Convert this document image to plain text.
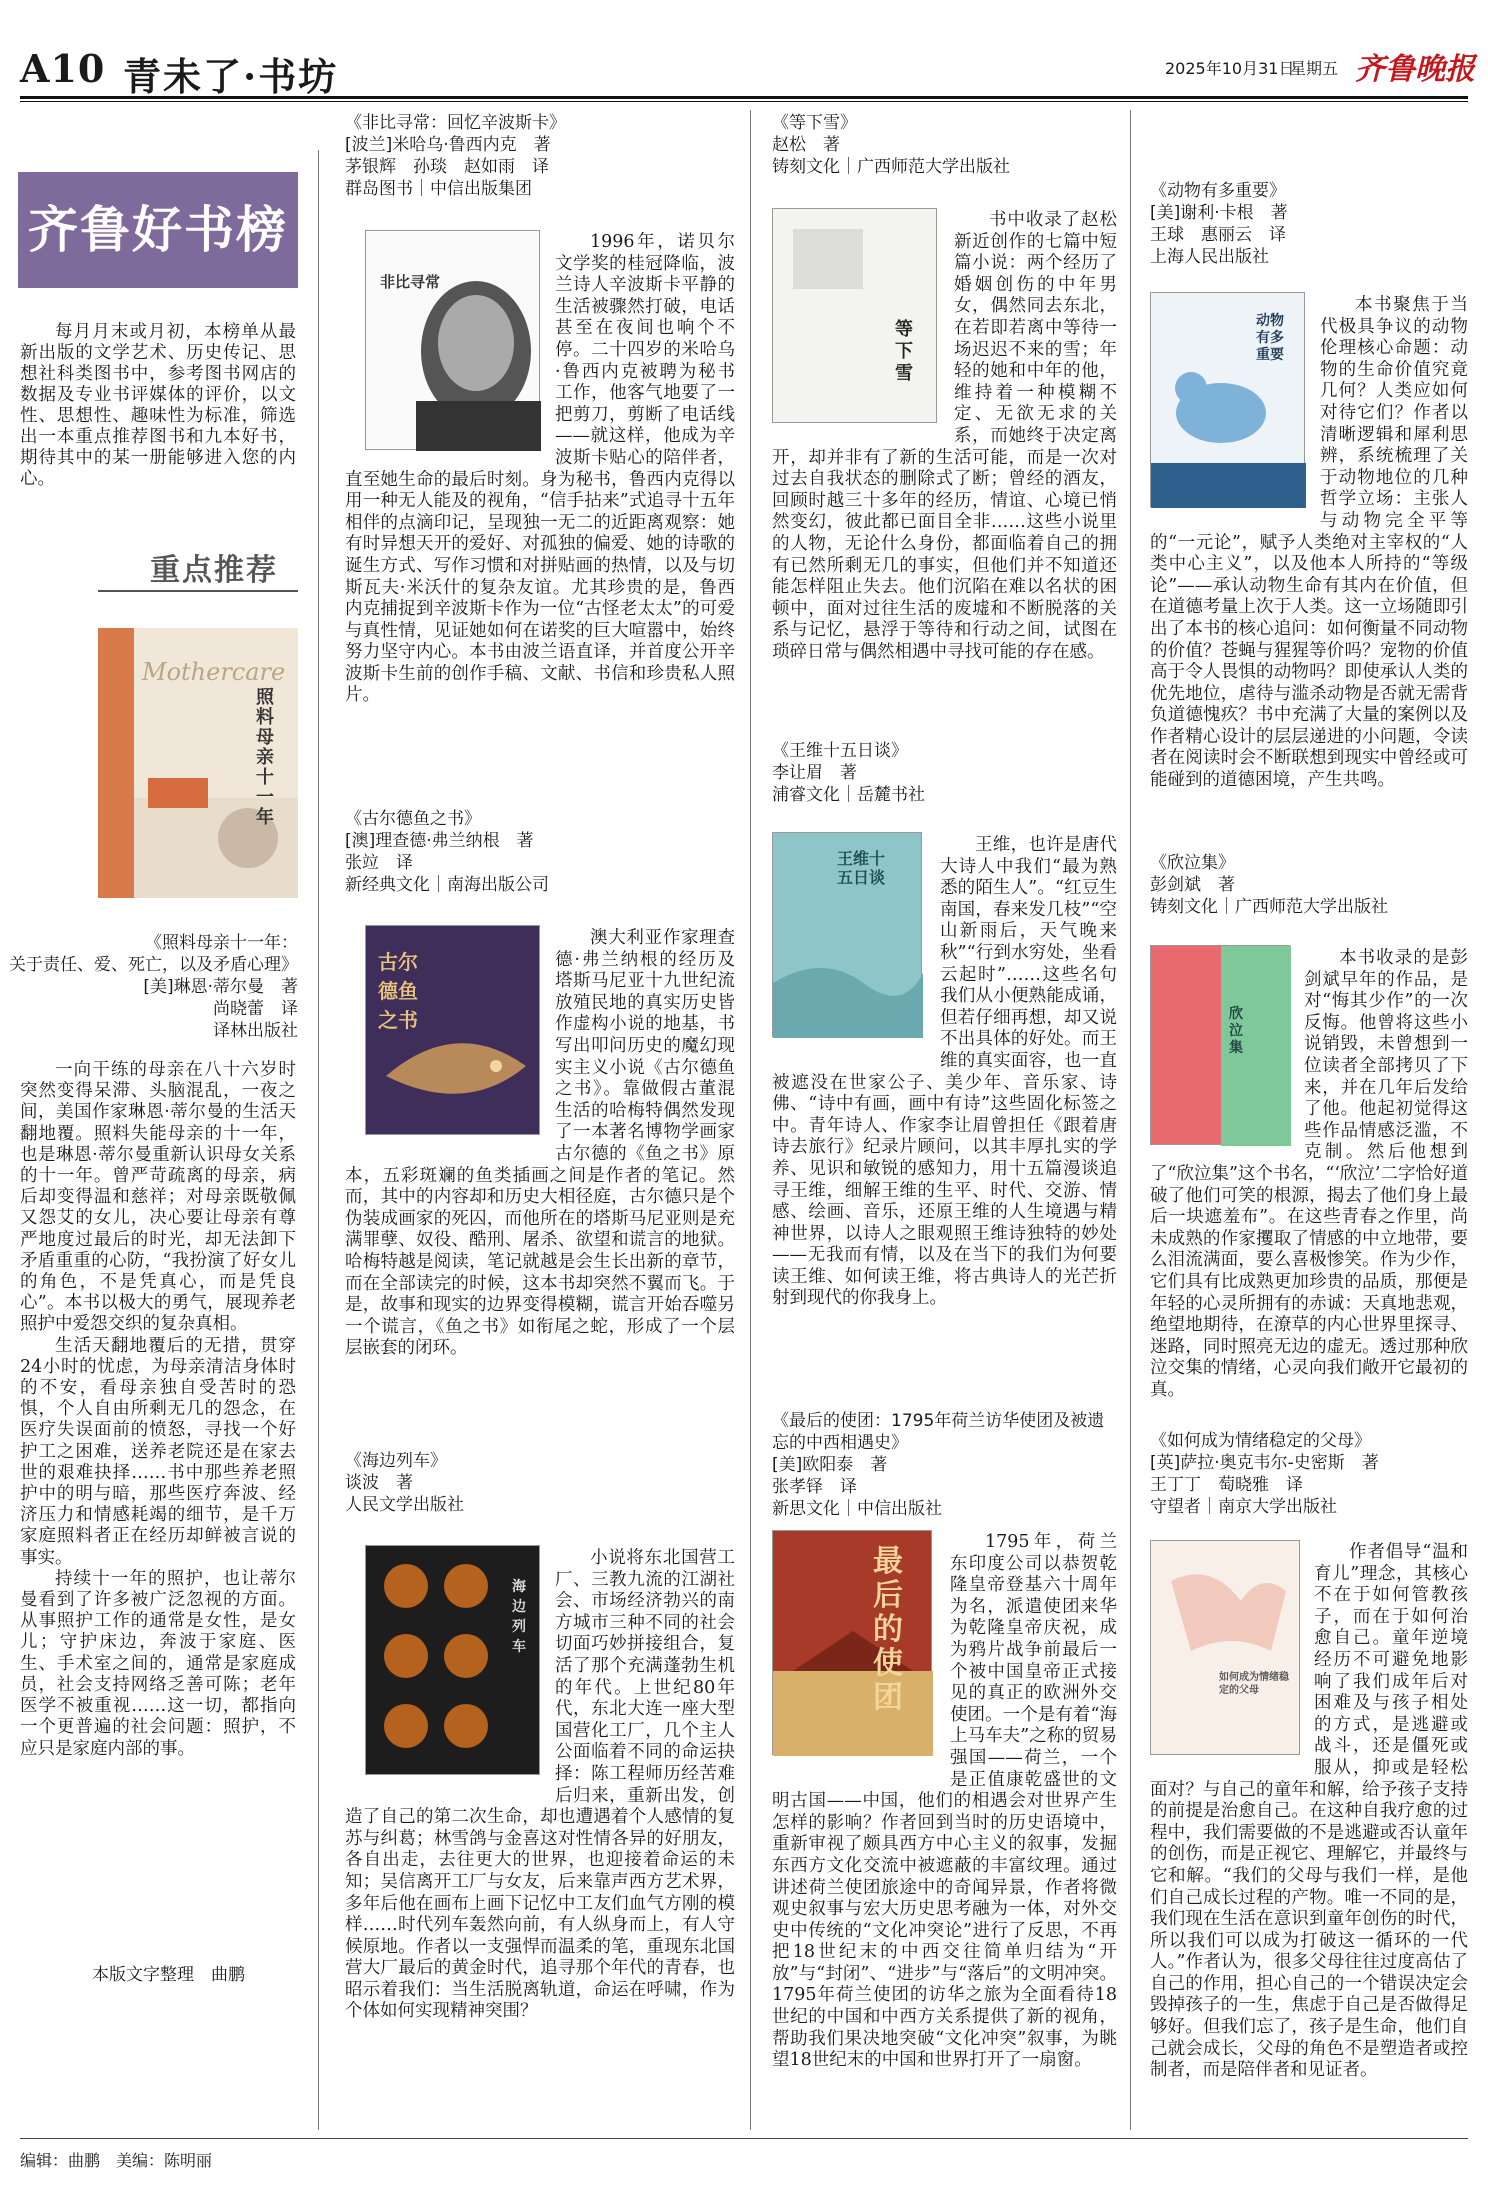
A10 青未了·书坊	2025年10月31日
星期五 齐鲁晚报
齐鲁好书榜
每月月末或月初，本榜单从最新出版的文学艺术、历史传记、思想社科类图书中，参考图书网店的数据及专业书评媒体的评价，以文性、思想性、趣味性为标准，筛选出一本重点推荐图书和九本好书，期待其中的某一册能够进入您的内心。
重点推荐
Mothercare
照料母亲十一年
《照料母亲十一年：
关于责任、爱、死亡，以及矛盾心理》
[美]琳恩·蒂尔曼　著
尚晓蕾　译
译林出版社

一向干练的母亲在八十六岁时突然变得呆滞、头脑混乱，一夜之间，美国作家琳恩·蒂尔曼的生活天翻地覆。照料失能母亲的十一年，也是琳恩·蒂尔曼重新认识母女关系的十一年。曾严苛疏离的母亲，病后却变得温和慈祥；对母亲既敬佩又怨艾的女儿，决心要让母亲有尊严地度过最后的时光，却无法卸下矛盾重重的心防，“我扮演了好女儿的角色，不是凭真心，而是凭良心”。本书以极大的勇气，展现养老照护中爱怨交织的复杂真相。

生活天翻地覆后的无措，贯穿24小时的忧虑，为母亲清洁身体时的不安，看母亲独自受苦时的恐惧，个人自由所剩无几的怨念，在医疗失误面前的愤怒，寻找一个好护工之困难，送养老院还是在家去世的艰难抉择……书中那些养老照护中的明与暗，那些医疗奔波、经济压力和情感耗竭的细节，是千万家庭照料者正在经历却鲜被言说的事实。

持续十一年的照护，也让蒂尔曼看到了许多被广泛忽视的方面。从事照护工作的通常是女性，是女儿；守护床边，奔波于家庭、医生、手术室之间的，通常是家庭成员，社会支持网络乏善可陈；老年医学不被重视……这一切，都指向一个更普遍的社会问题：照护，不应只是家庭内部的事。

本版文字整理　曲鹏
《非比寻常：回忆辛波斯卡》
[波兰]米哈乌·鲁西内克　著
茅银辉　孙琰　赵如雨　译
群岛图书｜中信出版集团
非比寻常

1996年，诺贝尔文学奖的桂冠降临，波兰诗人辛波斯卡平静的生活被骤然打破，电话甚至在夜间也响个不停。二十四岁的米哈乌·鲁西内克被聘为秘书工作，他客气地要了一把剪刀，剪断了电话线——就这样，他成为辛波斯卡贴心的陪伴者，直至她生命的最后时刻。身为秘书，鲁西内克得以用一种无人能及的视角，“信手拈来”式追寻十五年相伴的点滴印记，呈现独一无二的近距离观察：她有时异想天开的爱好、对孤独的偏爱、她的诗歌的诞生方式、写作习惯和对拼贴画的热情，以及与切斯瓦夫·米沃什的复杂友谊。尤其珍贵的是，鲁西内克捕捉到辛波斯卡作为一位“古怪老太太”的可爱与真性情，见证她如何在诺奖的巨大喧嚣中，始终努力坚守内心。本书由波兰语直译，并首度公开辛波斯卡生前的创作手稿、文献、书信和珍贵私人照片。

《古尔德鱼之书》
[澳]理查德·弗兰纳根　著
张竝　译
新经典文化｜南海出版公司
古尔德鱼之书

澳大利亚作家理查德·弗兰纳根的经历及塔斯马尼亚十九世纪流放殖民地的真实历史皆作虚构小说的地基，书写出叩问历史的魔幻现实主义小说《古尔德鱼之书》。靠做假古董混生活的哈梅特偶然发现了一本著名博物学画家古尔德的《鱼之书》原本，五彩斑斓的鱼类插画之间是作者的笔记。然而，其中的内容却和历史大相径庭，古尔德只是个伪装成画家的死囚，而他所在的塔斯马尼亚则是充满罪孽、奴役、酷刑、屠杀、欲望和谎言的地狱。哈梅特越是阅读，笔记就越是会生长出新的章节，而在全部读完的时候，这本书却突然不翼而飞。于是，故事和现实的边界变得模糊，谎言开始吞噬另一个谎言，《鱼之书》如衔尾之蛇，形成了一个层层嵌套的闭环。

《海边列车》
谈波　著
人民文学出版社
海边列车

小说将东北国营工厂、三教九流的江湖社会、市场经济勃兴的南方城市三种不同的社会切面巧妙拼接组合，复活了那个充满蓬勃生机的年代。上世纪80年代，东北大连一座大型国营化工厂，几个主人公面临着不同的命运抉择：陈工程师历经苦难后归来，重新出发，创造了自己的第二次生命，却也遭遇着个人感情的复苏与纠葛；林雪鸽与金喜这对性情各异的好朋友，各自出走，去往更大的世界，也迎接着命运的未知；吴信离开工厂与女友，后来靠声西方艺术界，多年后他在画布上画下记忆中工友们血气方刚的模样……时代列车轰然向前，有人纵身而上，有人守候原地。作者以一支强悍而温柔的笔，重现东北国营大厂最后的黄金时代，追寻那个年代的青春，也昭示着我们：当生活脱离轨道，命运在呼啸，作为个体如何实现精神突围？

《等下雪》
赵松　著
铸刻文化｜广西师范大学出版社
等下雪

书中收录了赵松新近创作的七篇中短篇小说：两个经历了婚姻创伤的中年男女，偶然同去东北，在若即若离中等待一场迟迟不来的雪；年轻的她和中年的他，维持着一种模糊不定、无欲无求的关系，而她终于决定离开，却并非有了新的生活可能，而是一次对过去自我状态的删除式了断；曾经的酒友，回顾时越三十多年的经历，情谊、心境已悄然变幻，彼此都已面目全非……这些小说里的人物，无论什么身份，都面临着自己的拥有已然所剩无几的事实，但他们并不知道还能怎样阻止失去。他们沉陷在难以名状的困顿中，面对过往生活的废墟和不断脱落的关系与记忆，悬浮于等待和行动之间，试图在琐碎日常与偶然相遇中寻找可能的存在感。

《王维十五日谈》
李让眉　著
浦睿文化｜岳麓书社
王维十五日谈

王维，也许是唐代大诗人中我们“最为熟悉的陌生人”。“红豆生南国，春来发几枝”“空山新雨后，天气晚来秋”“行到水穷处，坐看云起时”……这些名句我们从小便熟能成诵，但若仔细再想，却又说不出具体的好处。而王维的真实面容，也一直被遮没在世家公子、美少年、音乐家、诗佛、“诗中有画，画中有诗”这些固化标签之中。青年诗人、作家李让眉曾担任《跟着唐诗去旅行》纪录片顾问，以其丰厚扎实的学养、见识和敏锐的感知力，用十五篇漫谈追寻王维，细解王维的生平、时代、交游、情感、绘画、音乐，还原王维的人生境遇与精神世界，以诗人之眼观照王维诗独特的妙处——无我而有情，以及在当下的我们为何要读王维、如何读王维，将古典诗人的光芒折射到现代的你我身上。

《最后的使团：1795年荷兰访华使团及被遗忘的中西相遇史》
[美]欧阳泰　著
张孝铎　译
新思文化｜中信出版社
最后的使团

1795年，荷兰东印度公司以恭贺乾隆皇帝登基六十周年为名，派遣使团来华为乾隆皇帝庆祝，成为鸦片战争前最后一个被中国皇帝正式接见的真正的欧洲外交使团。一个是有着“海上马车夫”之称的贸易强国——荷兰，一个是正值康乾盛世的文明古国——中国，他们的相遇会对世界产生怎样的影响？作者回到当时的历史语境中，重新审视了颇具西方中心主义的叙事，发掘东西方文化交流中被遮蔽的丰富纹理。通过讲述荷兰使团旅途中的奇闻异景，作者将微观史叙事与宏大历史思考融为一体，对外交史中传统的“文化冲突论”进行了反思，不再把18世纪末的中西交往简单归结为“开放”与“封闭”、“进步”与“落后”的文明冲突。1795年荷兰使团的访华之旅为全面看待18世纪的中国和中西方关系提供了新的视角，帮助我们果决地突破“文化冲突”叙事，为眺望18世纪末的中国和世界打开了一扇窗。

《动物有多重要》
[美]谢利·卡根　著
王球　惠丽云　译
上海人民出版社
动物有多重要

本书聚焦于当代极具争议的动物伦理核心命题：动物的生命价值究竟几何？人类应如何对待它们？作者以清晰逻辑和犀利思辨，系统梳理了关于动物地位的几种哲学立场：主张人与动物完全平等的“一元论”，赋予人类绝对主宰权的“人类中心主义”，以及他本人所持的“等级论”——承认动物生命有其内在价值，但在道德考量上次于人类。这一立场随即引出了本书的核心追问：如何衡量不同动物的价值？苍蝇与猩猩等价吗？宠物的价值高于令人畏惧的动物吗？即使承认人类的优先地位，虐待与滥杀动物是否就无需背负道德愧疚？书中充满了大量的案例以及作者精心设计的层层递进的小问题，令读者在阅读时会不断联想到现实中曾经或可能碰到的道德困境，产生共鸣。

《欣泣集》
彭剑斌　著
铸刻文化｜广西师范大学出版社
欣泣集

本书收录的是彭剑斌早年的作品，是对“悔其少作”的一次反悔。他曾将这些小说销毁，未曾想到一位读者全部拷贝了下来，并在几年后发给了他。他起初觉得这些作品情感泛滥，不克制。然后他想到了“欣泣集”这个书名，“‘欣泣’二字恰好道破了他们可笑的根源，揭去了他们身上最后一块遮羞布”。在这些青春之作里，尚未成熟的作家攫取了情感的中立地带，要么泪流满面，要么喜极惨笑。作为少作，它们具有比成熟更加珍贵的品质，那便是年轻的心灵所拥有的赤诚：天真地悲观，绝望地期待，在潦草的内心世界里探寻、迷路，同时照亮无边的虚无。透过那种欣泣交集的情绪，心灵向我们敞开它最初的真。

《如何成为情绪稳定的父母》
[英]萨拉·奥克韦尔-史密斯　著
王丁丁　萄晓雅　译
守望者｜南京大学出版社
如何成为情绪稳定的父母

作者倡导“温和育儿”理念，其核心不在于如何管教孩子，而在于如何治愈自己。童年逆境经历不可避免地影响了我们成年后对困难及与孩子相处的方式，是逃避或战斗，还是僵死或服从，抑或是轻松面对？与自己的童年和解，给予孩子支持的前提是治愈自己。在这种自我疗愈的过程中，我们需要做的不是逃避或否认童年的创伤，而是正视它、理解它，并最终与它和解。“我们的父母与我们一样，是他们自己成长过程的产物。唯一不同的是，我们现在生活在意识到童年创伤的时代，所以我们可以成为打破这一循环的一代人。”作者认为，很多父母往往过度高估了自己的作用，担心自己的一个错误决定会毁掉孩子的一生，焦虑于自己是否做得足够好。但我们忘了，孩子是生命，他们自己就会成长，父母的角色不是塑造者或控制者，而是陪伴者和见证者。

编辑：曲鹏　美编：陈明丽
